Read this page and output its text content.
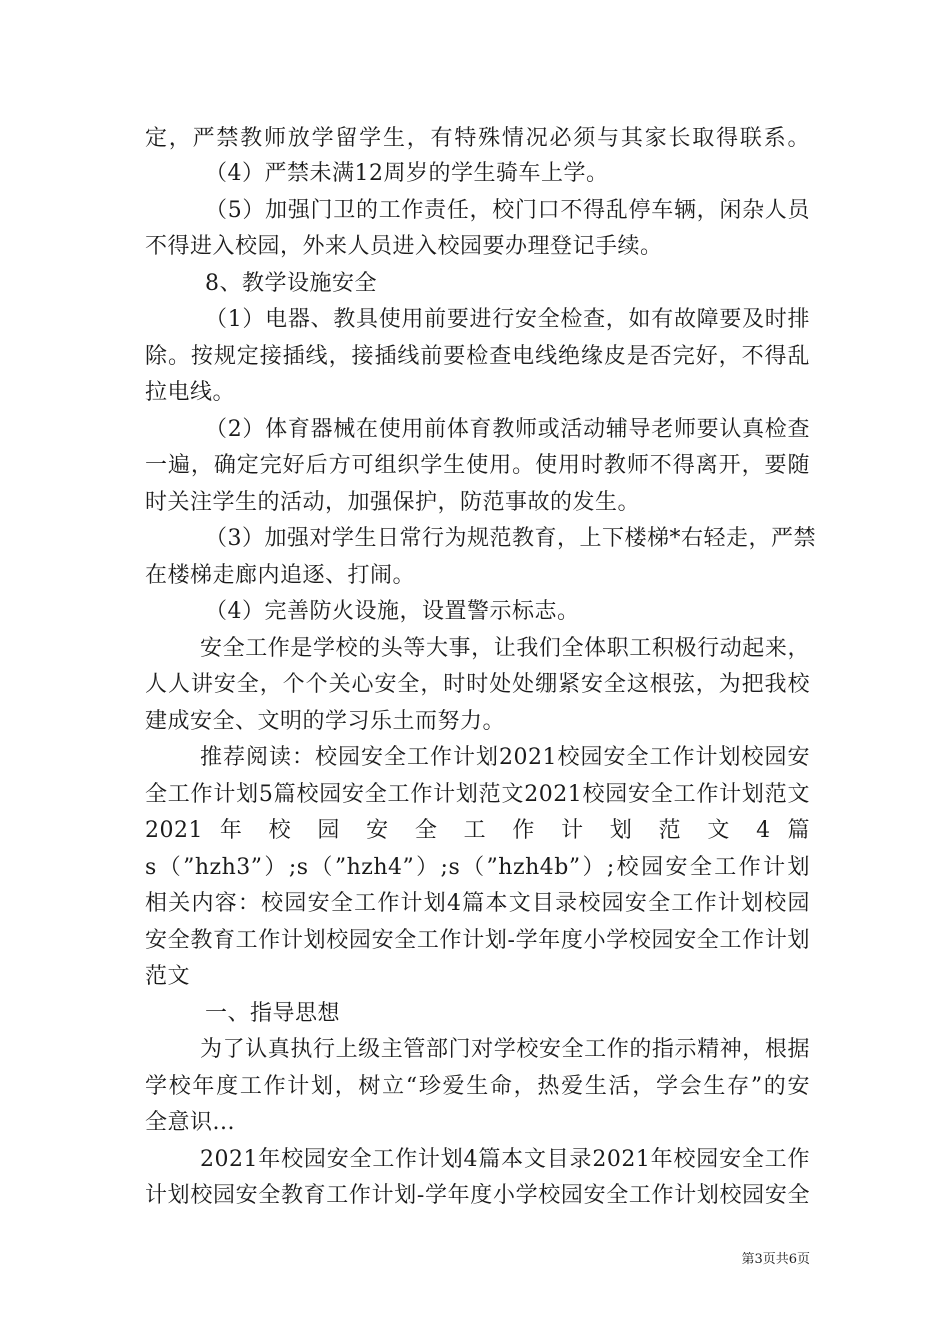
定，严禁教师放学留学生，有特殊情况必须与其家长取得联系。
（4）严禁未满12周岁的学生骑车上学。
（5）加强门卫的工作责任，校门口不得乱停车辆，闲杂人员
不得进入校园，外来人员进入校园要办理登记手续。
8、教学设施安全
（1）电器、教具使用前要进行安全检查，如有故障要及时排
除。按规定接插线，接插线前要检查电线绝缘皮是否完好，不得乱
拉电线。
（2）体育器械在使用前体育教师或活动辅导老师要认真检查
一遍，确定完好后方可组织学生使用。使用时教师不得离开，要随
时关注学生的活动，加强保护，防范事故的发生。
（3）加强对学生日常行为规范教育，上下楼梯*右轻走，严禁
在楼梯走廊内追逐、打闹。
（4）完善防火设施，设置警示标志。
安全工作是学校的头等大事，让我们全体职工积极行动起来，
人人讲安全，个个关心安全，时时处处绷紧安全这根弦，为把我校
建成安全、文明的学习乐土而努力。
推荐阅读：校园安全工作计划2021校园安全工作计划校园安
全工作计划5篇校园安全工作计划范文2021校园安全工作计划范文
2021 年 校 园 安 全 工 作 计 划 范 文 4 篇
s（”hzh3”）;s（”hzh4”）;s（”hzh4b”）;校园安全工作计划
相关内容：校园安全工作计划4篇本文目录校园安全工作计划校园
安全教育工作计划校园安全工作计划-学年度小学校园安全工作计划
范文
一、指导思想
为了认真执行上级主管部门对学校安全工作的指示精神，根据
学校年度工作计划，树立“珍爱生命，热爱生活，学会生存”的安
全意识...
2021年校园安全工作计划4篇本文目录2021年校园安全工作
计划校园安全教育工作计划-学年度小学校园安全工作计划校园安全
第3页共6页
